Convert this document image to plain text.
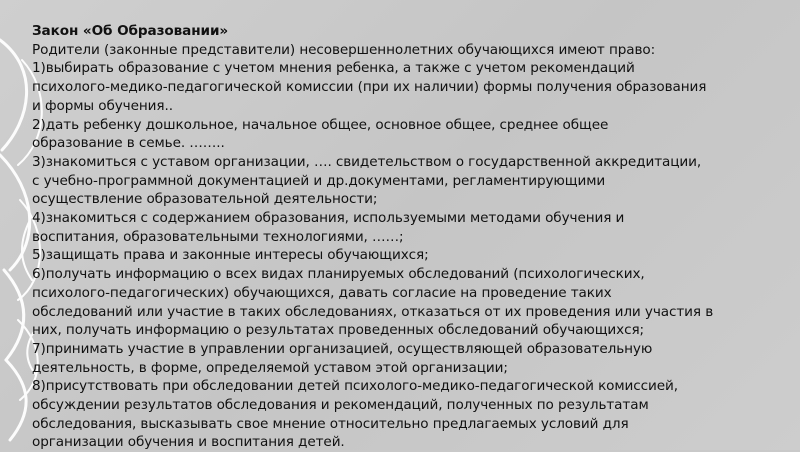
Закон «Об Образовании»

Родители (законные представители) несовершеннолетних обучающихся имеют право:

1)выбирать образование с учетом мнения ребенка, а также с учетом рекомендаций

психолого-медико-педагогической комиссии (при их наличии) формы получения образования

и формы обучения..

2)дать ребенку дошкольное, начальное общее, основное общее, среднее общее

образование в семье. ……..

3)знакомиться с уставом организации, …. свидетельством о государственной аккредитации,

с учебно-программной документацией и др.документами, регламентирующими

осуществление образовательной деятельности;

4)знакомиться с содержанием образования, используемыми методами обучения и

воспитания, образовательными технологиями, ……;

5)защищать права и законные интересы обучающихся;

6)получать информацию о всех видах планируемых обследований (психологических,

психолого-педагогических) обучающихся, давать согласие на проведение таких

обследований или участие в таких обследованиях, отказаться от их проведения или участия в

них, получать информацию о результатах проведенных обследований обучающихся;

7)принимать участие в управлении организацией, осуществляющей образовательную

деятельность, в форме, определяемой уставом этой организации;

8)присутствовать при обследовании детей психолого-медико-педагогической комиссией,

обсуждении результатов обследования и рекомендаций, полученных по результатам

обследования, высказывать свое мнение относительно предлагаемых условий для

организации обучения и воспитания детей.
